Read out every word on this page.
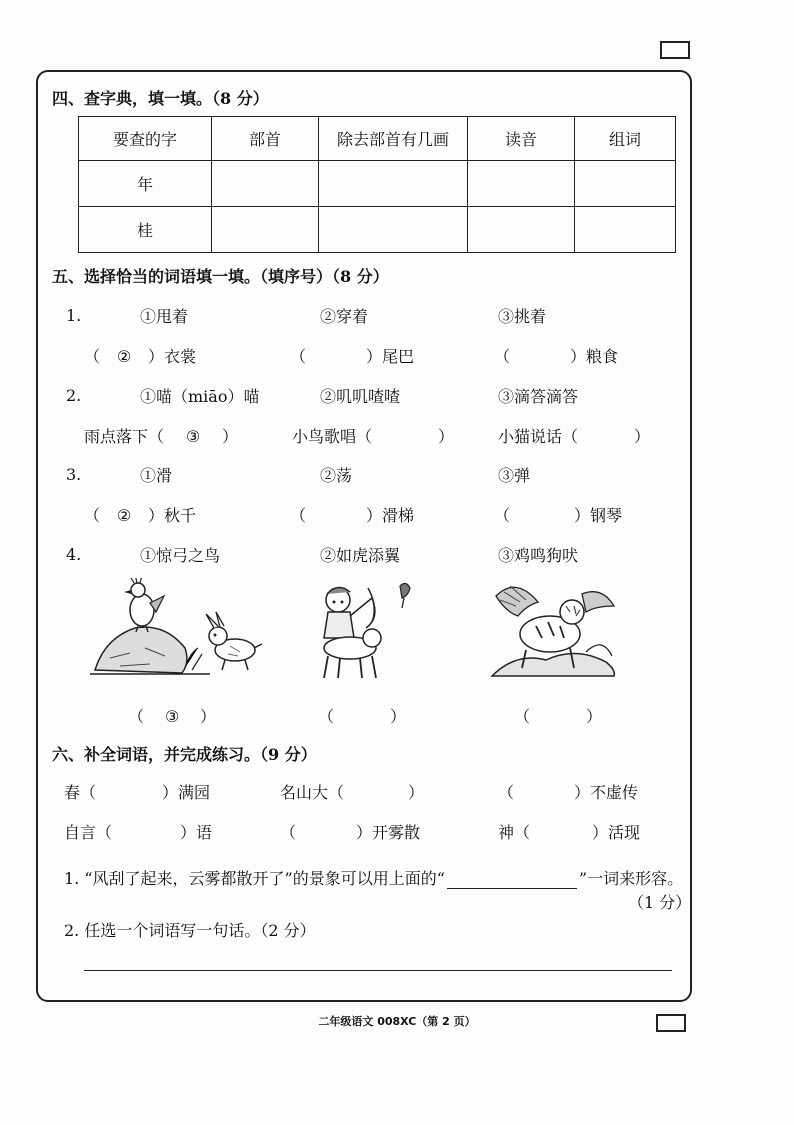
四、查字典，填一填。（8 分）
要查的字	部首	除去部首有几画	读音	组词
年				
桂				
五、选择恰当的词语填一填。（填序号）（8 分）
1.	①甩着	②穿着	③挑着
（ ② ）衣裳	（	）尾巴	（	）粮食
2.	①喵（miāo）喵	②叽叽喳喳	③滴答滴答
雨点落下（ ③ ）	小鸟歌唱（	）	小猫说话（	）
3.	①滑	②荡	③弹
（ ② ）秋千	（	）滑梯	（	）钢琴
4.	①惊弓之鸟	②如虎添翼	③鸡鸣狗吠
（ ③ ）	（	）	（	）
六、补全词语，并完成练习。（9 分）
春（	）满园	名山大（	）	（	）不虚传
自言（	）语	（	）开雾散	神（	）活现
1. “风刮了起来，云雾都散开了”的景象可以用上面的“	”一词来形容。
（1 分）
2. 任选一个词语写一句话。（2 分）
二年级语文 008XC（第 2 页）
